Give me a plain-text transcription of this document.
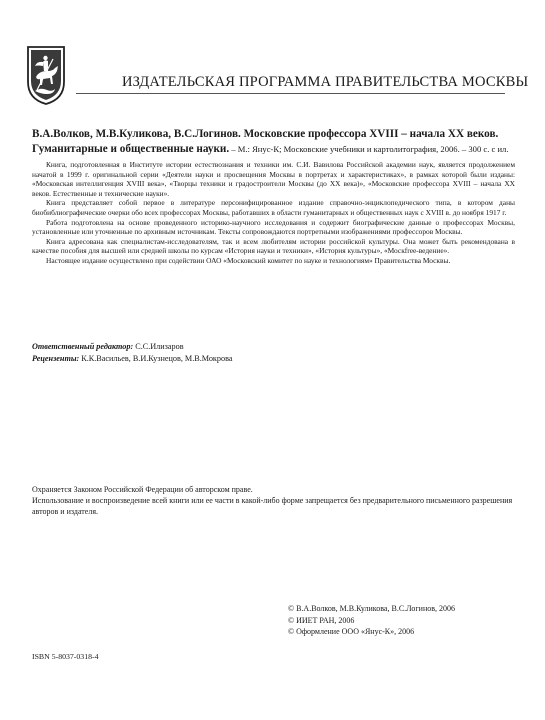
ИЗДАТЕЛЬСКАЯ ПРОГРАММА ПРАВИТЕЛЬСТВА МОСКВЫ
В.А.Волков, М.В.Куликова, В.С.Логинов. Московские профессора XVIII – начала XX веков. Гуманитарные и общественные науки. – М.: Янус-К; Московские учебники и картолитография, 2006. – 300 с. с ил.

Книга, подготовленная в Институте истории естествознания и техники им. С.И. Вавилова Российской академии наук, является продолжением начатой в 1999 г. оригинальной серии «Деятели науки и просвещения Москвы в портретах и характеристиках», в рамках которой были изданы: «Московская интеллигенция XVIII века», «Творцы техники и градостроители Москвы (до XX века)», «Московские профессора XVIII – начала XX веков. Естественные и технические науки».

Книга представляет собой первое в литературе персонифицированное издание справочно-энциклопедического типа, в котором даны биобиблиографические очерки обо всех профессорах Москвы, работавших в области гуманитарных и общественных наук с XVIII в. до ноября 1917 г.

Работа подготовлена на основе проведенного историко-научного исследования и содержит биографические данные о профессорах Москвы, установленные или уточненные по архивным источникам. Тексты сопровождаются портретными изображениями профессоров Москвы.

Книга адресована как специалистам-исследователям, так и всем любителям истории российской культуры. Она может быть рекомендована в качестве пособия для высшей или средней школы по курсам «История науки и техники», «История культуры», «Москfree-ведение».

Настоящее издание осуществлено при содействии ОАО «Московский комитет по науке и технологиям» Правительства Москвы.

Ответственный редактор: С.С.Илизаров
Рецензенты: К.К.Васильев, В.И.Кузнецов, М.В.Мокрова

Охраняется Законом Российской Федерации об авторском праве.

Использование и воспроизведение всей книги или ее части в какой-либо форме запрещается без предварительного письменного разрешения авторов и издателя.

© В.А.Волков, М.В.Куликова, В.С.Логинов, 2006
© ИИЕТ РАН, 2006
© Оформление ООО «Янус-К», 2006
ISBN 5-8037-0318-4
